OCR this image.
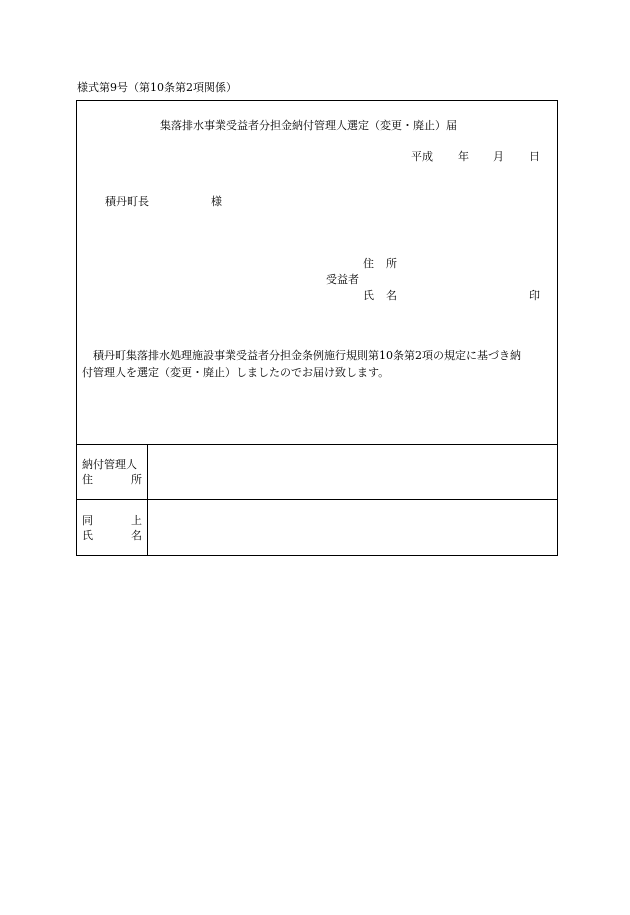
様式第9号（第10条第2項関係）
集落排水事業受益者分担金納付管理人選定（変更・廃止）届
平成 年 月 日
積丹町長	様
住 所
受益者
氏 名	印
積丹町集落排水処理施設事業受益者分担金条例施行規則第10条第2項の規定に基づき納
付管理人を選定（変更・廃止）しましたのでお届け致します。
納付管理人
住	所
同	上
氏	名
